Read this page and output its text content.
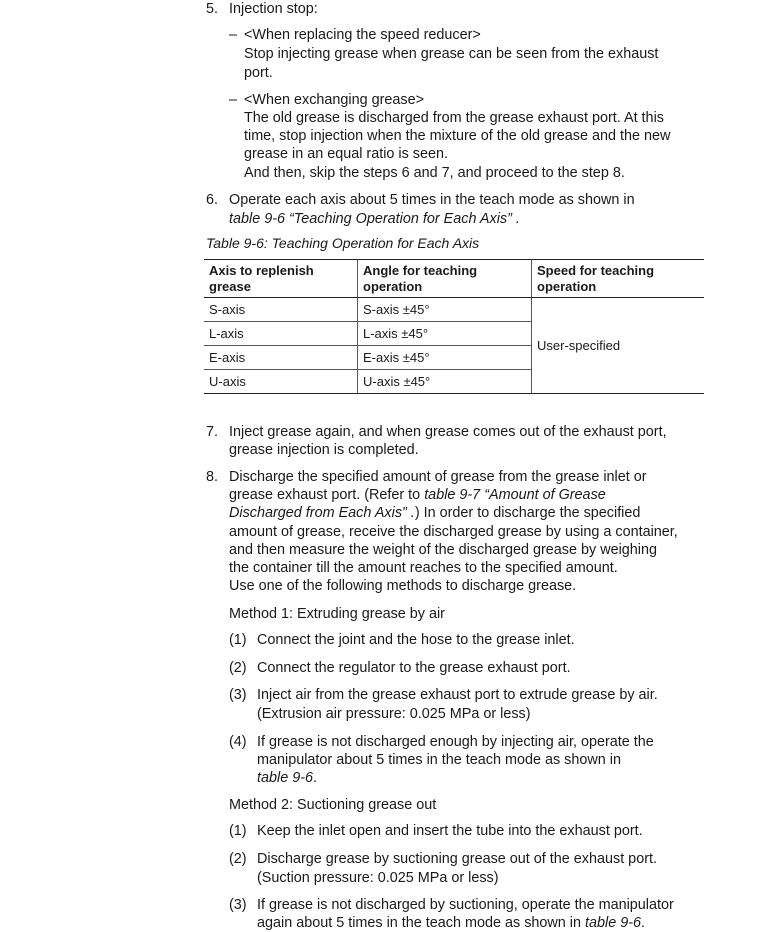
5. Injection stop:
– <When replacing the speed reducer>
Stop injecting grease when grease can be seen from the exhaust
port.
– <When exchanging grease>
The old grease is discharged from the grease exhaust port. At this
time, stop injection when the mixture of the old grease and the new
grease in an equal ratio is seen.
And then, skip the steps 6 and 7, and proceed to the step 8.
6. Operate each axis about 5 times in the teach mode as shown in
table 9-6 “Teaching Operation for Each Axis” .
Table 9-6: Teaching Operation for Each Axis
Axis to replenish
grease	Angle for teaching
operation	Speed for teaching
operation
S-axis	S-axis ±45°	User-specified
L-axis	L-axis ±45°	
E-axis	E-axis ±45°	
U-axis	U-axis ±45°	
7. Inject grease again, and when grease comes out of the exhaust port,
grease injection is completed.
8. Discharge the specified amount of grease from the grease inlet or
grease exhaust port. (Refer to table 9-7 “Amount of Grease
Discharged from Each Axis” .) In order to discharge the specified
amount of grease, receive the discharged grease by using a container,
and then measure the weight of the discharged grease by weighing
the container till the amount reaches to the specified amount.
Use one of the following methods to discharge grease.
Method 1: Extruding grease by air
(1) Connect the joint and the hose to the grease inlet.
(2) Connect the regulator to the grease exhaust port.
(3) Inject air from the grease exhaust port to extrude grease by air.
(Extrusion air pressure: 0.025 MPa or less)
(4) If grease is not discharged enough by injecting air, operate the
manipulator about 5 times in the teach mode as shown in
table 9-6.
Method 2: Suctioning grease out
(1) Keep the inlet open and insert the tube into the exhaust port.
(2) Discharge grease by suctioning grease out of the exhaust port.
(Suction pressure: 0.025 MPa or less)
(3) If grease is not discharged by suctioning, operate the manipulator
again about 5 times in the teach mode as shown in table 9-6.
